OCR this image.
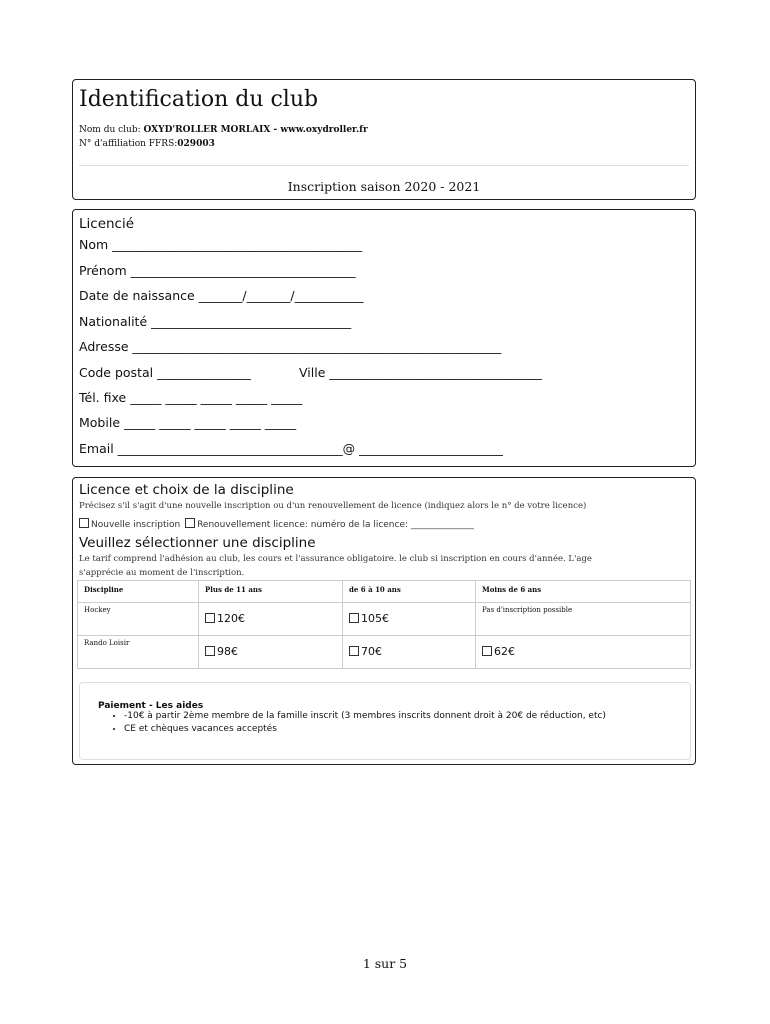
Identification du club
Nom du club: OXYD'ROLLER MORLAIX - www.oxydroller.fr
N° d'affiliation FFRS:029003
Inscription saison 2020 - 2021
Licencié
Nom ________________________________________
Prénom ____________________________________
Date de naissance _______/_______/___________
Nationalité ________________________________
Adresse ___________________________________________________________
Code postal _______________	Ville __________________________________
Tél. fixe _____ _____ _____ _____ _____
Mobile _____ _____ _____ _____ _____
Email ____________________________________@ _______________________
Licence et choix de la discipline
Précisez s'il s'agit d'une nouvelle inscription ou d'un renouvellement de licence (indiquez alors le n° de votre licence)
Nouvelle inscription Renouvellement licence: numéro de la licence: ______________
Veuillez sélectionner une discipline
Le tarif comprend l'adhésion au club, les cours et l'assurance obligatoire. le club si inscription en cours d'année. L'age
s'apprécie au moment de l'inscription.
Discipline	Plus de 11 ans	de 6 à 10 ans	Moins de 6 ans
Hockey	120€	105€	Pas d'inscription possible
Rando Loisir	98€	70€	62€
Paiement - Les aides
• -10€ à partir 2ème membre de la famille inscrit (3 membres inscrits donnent droit à 20€ de réduction, etc)
• CE et chèques vacances acceptés
1 sur 5
